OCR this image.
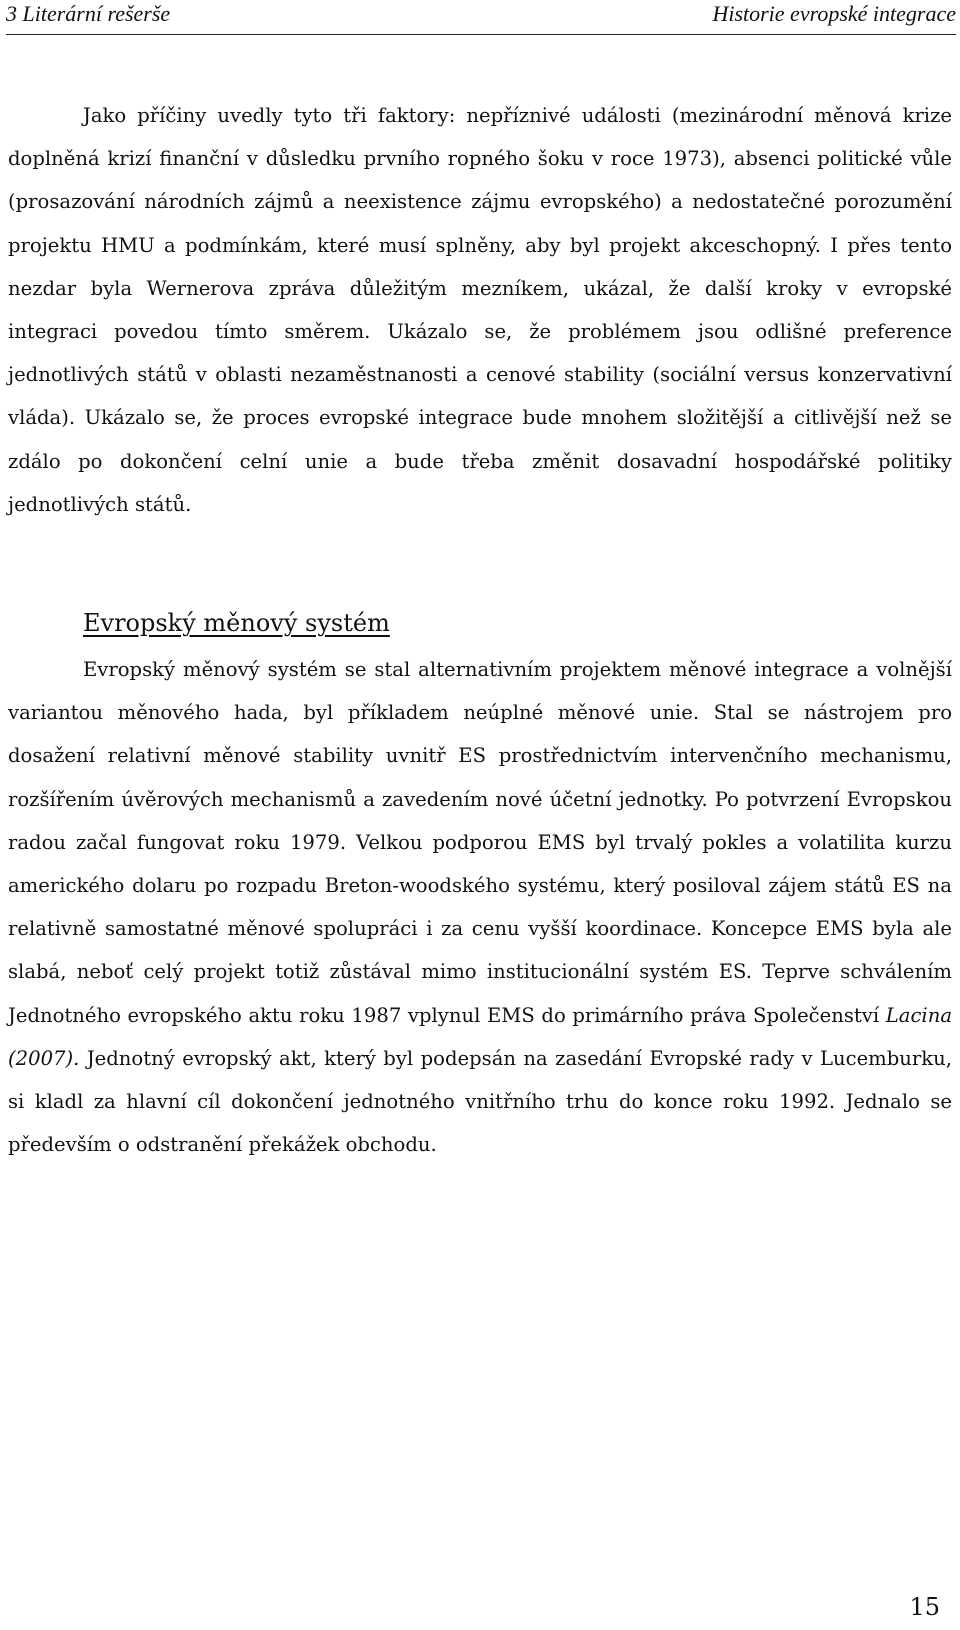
3 Literární rešerše	Historie evropské integrace

Jako příčiny uvedly tyto tři faktory: nepříznivé události (mezinárodní měnová krize doplněná krizí finanční v důsledku prvního ropného šoku v roce 1973), absenci politické vůle (prosazování národních zájmů a neexistence zájmu evropského) a nedostatečné porozumění projektu HMU a podmínkám, které musí splněny, aby byl projekt akceschopný. I přes tento nezdar byla Wernerova zpráva důležitým mezníkem, ukázal, že další kroky v evropské integraci povedou tímto směrem. Ukázalo se, že problémem jsou odlišné preference jednotlivých států v oblasti nezaměstnanosti a cenové stability (sociální versus konzervativní vláda). Ukázalo se, že proces evropské integrace bude mnohem složitější a citlivější než se zdálo po dokončení celní unie a bude třeba změnit dosavadní hospodářské politiky jednotlivých států.

Evropský měnový systém

Evropský měnový systém se stal alternativním projektem měnové integrace a volnější variantou měnového hada, byl příkladem neúplné měnové unie. Stal se nástrojem pro dosažení relativní měnové stability uvnitř ES prostřednictvím intervenčního mechanismu, rozšířením úvěrových mechanismů a zavedením nové účetní jednotky. Po potvrzení Evropskou radou začal fungovat roku 1979. Velkou podporou EMS byl trvalý pokles a volatilita kurzu amerického dolaru po rozpadu Breton-woodského systému, který posiloval zájem států ES na relativně samostatné měnové spolupráci i za cenu vyšší koordinace. Koncepce EMS byla ale slabá, neboť celý projekt totiž zůstával mimo institucionální systém ES. Teprve schválením Jednotného evropského aktu roku 1987 vplynul EMS do primárního práva Společenství Lacina (2007). Jednotný evropský akt, který byl podepsán na zasedání Evropské rady v Lucemburku, si kladl za hlavní cíl dokončení jednotného vnitřního trhu do konce roku 1992. Jednalo se především o odstranění překážek obchodu.

15
